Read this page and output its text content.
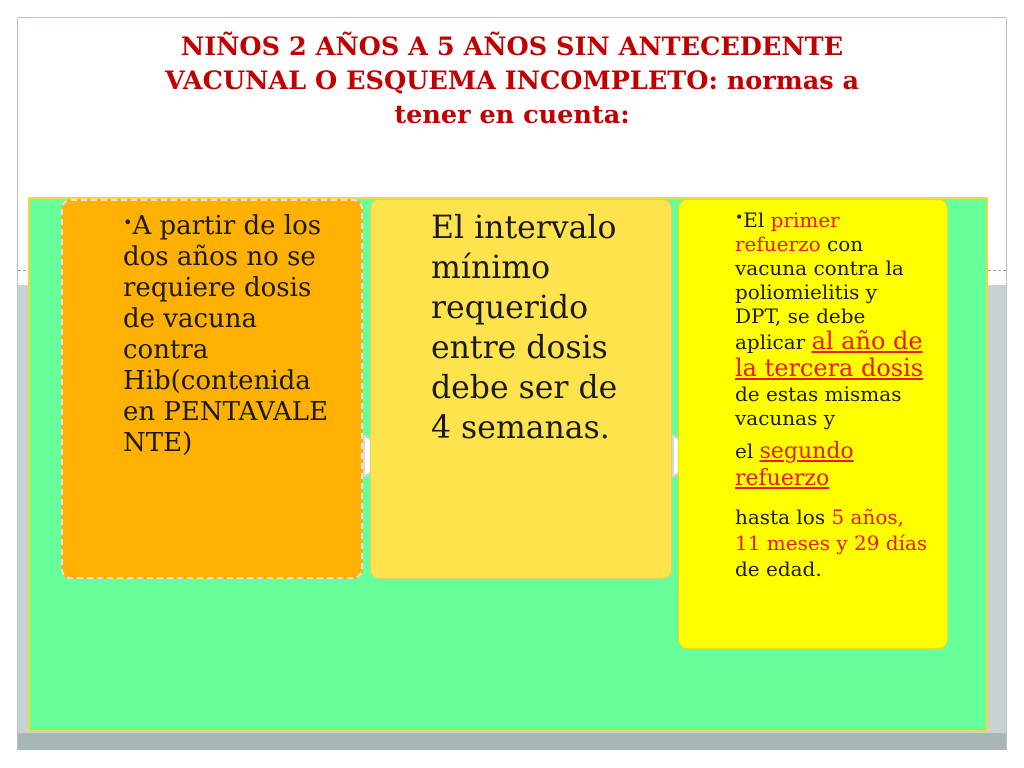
NIÑOS 2 AÑOS A 5 AÑOS SIN ANTECEDENTE
VACUNAL O ESQUEMA INCOMPLETO: normas a
tener en cuenta:

•A partir de los dos años no se requiere dosis de vacuna contra Hib(contenida en PENTAVALE NTE)

El intervalo mínimo requerido entre dosis debe ser de 4 semanas.

•El primer refuerzo con vacuna contra la poliomielitis y DPT, se debe aplicar al año de la tercera dosis de estas mismas vacunas y

el segundo refuerzo

hasta los 5 años, 11 meses y 29 días de edad.
